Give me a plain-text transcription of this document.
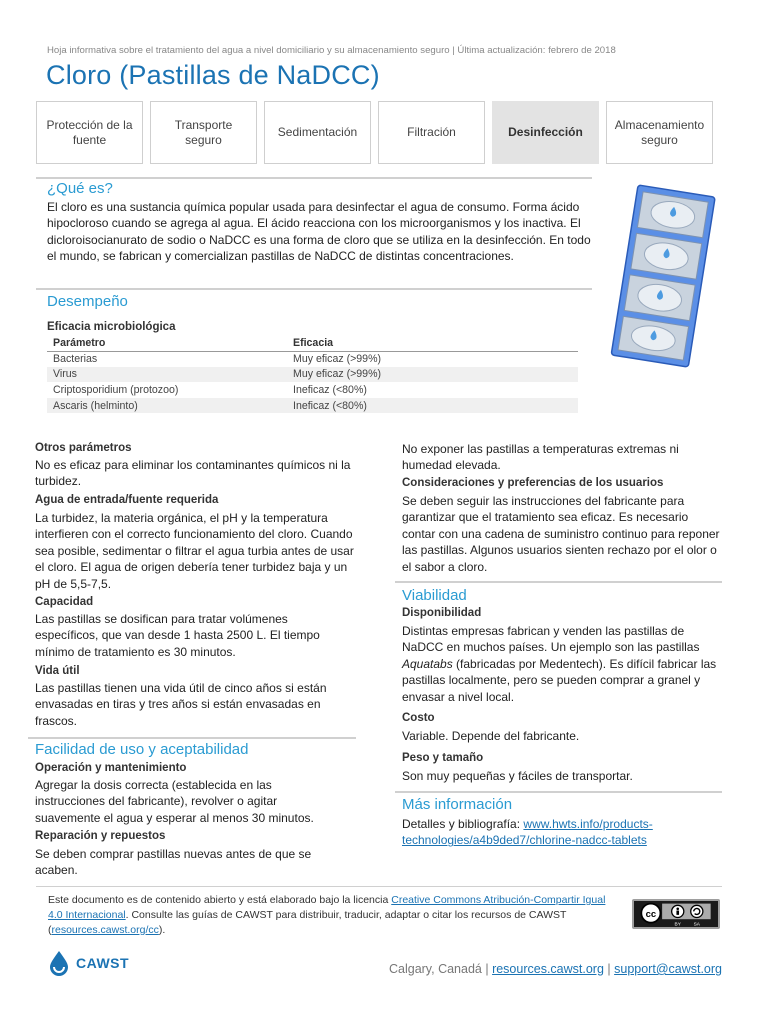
Hoja informativa sobre el tratamiento del agua a nivel domiciliario y su almacenamiento seguro | Última actualización: febrero de 2018
Cloro (Pastillas de NaDCC)
Protección de la fuente
Transporte seguro
Sedimentación	Filtración	Desinfección
Almacenamiento seguro
¿Qué es?
El cloro es una sustancia química popular usada para desinfectar el agua de consumo. Forma ácido hipocloroso cuando se agrega al agua. El ácido reacciona con los microorganismos y los inactiva. El dicloroisocianurato de sodio o NaDCC es una forma de cloro que se utiliza en la desinfección. En todo el mundo, se fabrican y comercializan pastillas de NaDCC de distintas concentraciones.
Desempeño
Eficacia microbiológica
Parámetro	Eficacia
Bacterias	Muy eficaz (>99%)
Virus	Muy eficaz (>99%)
Criptosporidium (protozoo)	Ineficaz (<80%)
Ascaris (helminto)	Ineficaz (<80%)
Otros parámetros
No es eficaz para eliminar los contaminantes químicos ni la turbidez.
Agua de entrada/fuente requerida
La turbidez, la materia orgánica, el pH y la temperatura interfieren con el correcto funcionamiento del cloro. Cuando sea posible, sedimentar o filtrar el agua turbia antes de usar el cloro. El agua de origen debería tener turbidez baja y un pH de 5,5-7,5.
Capacidad
Las pastillas se dosifican para tratar volúmenes específicos, que van desde 1 hasta 2500 L. El tiempo mínimo de tratamiento es 30 minutos.
Vida útil
Las pastillas tienen una vida útil de cinco años si están envasadas en tiras y tres años si están envasadas en frascos.
Facilidad de uso y aceptabilidad
Operación y mantenimiento
Agregar la dosis correcta (establecida en las instrucciones del fabricante), revolver o agitar suavemente el agua y esperar al menos 30 minutos.
Reparación y repuestos
Se deben comprar pastillas nuevas antes de que se acaben.
No exponer las pastillas a temperaturas extremas ni humedad elevada.
Consideraciones y preferencias de los usuarios
Se deben seguir las instrucciones del fabricante para garantizar que el tratamiento sea eficaz. Es necesario contar con una cadena de suministro continuo para reponer las pastillas. Algunos usuarios sienten rechazo por el olor o el sabor a cloro.
Viabilidad
Disponibilidad
Distintas empresas fabrican y venden las pastillas de NaDCC en muchos países. Un ejemplo son las pastillas Aquatabs (fabricadas por Medentech). Es difícil fabricar las pastillas localmente, pero se pueden comprar a granel y envasar a nivel local.
Costo
Variable. Depende del fabricante.
Peso y tamaño
Son muy pequeñas y fáciles de transportar.
Más información
Detalles y bibliografía: www.hwts.info/products-technologies/a4b9ded7/chlorine-nadcc-tablets
Este documento es de contenido abierto y está elaborado bajo la licencia Creative Commons Atribución-Compartir Igual 4.0 Internacional. Consulte las guías de CAWST para distribuir, traducir, adaptar o citar los recursos de CAWST (resources.cawst.org/cc).
cc
BY SA
CAWST	Calgary, Canadá | resources.cawst.org | support@cawst.org
